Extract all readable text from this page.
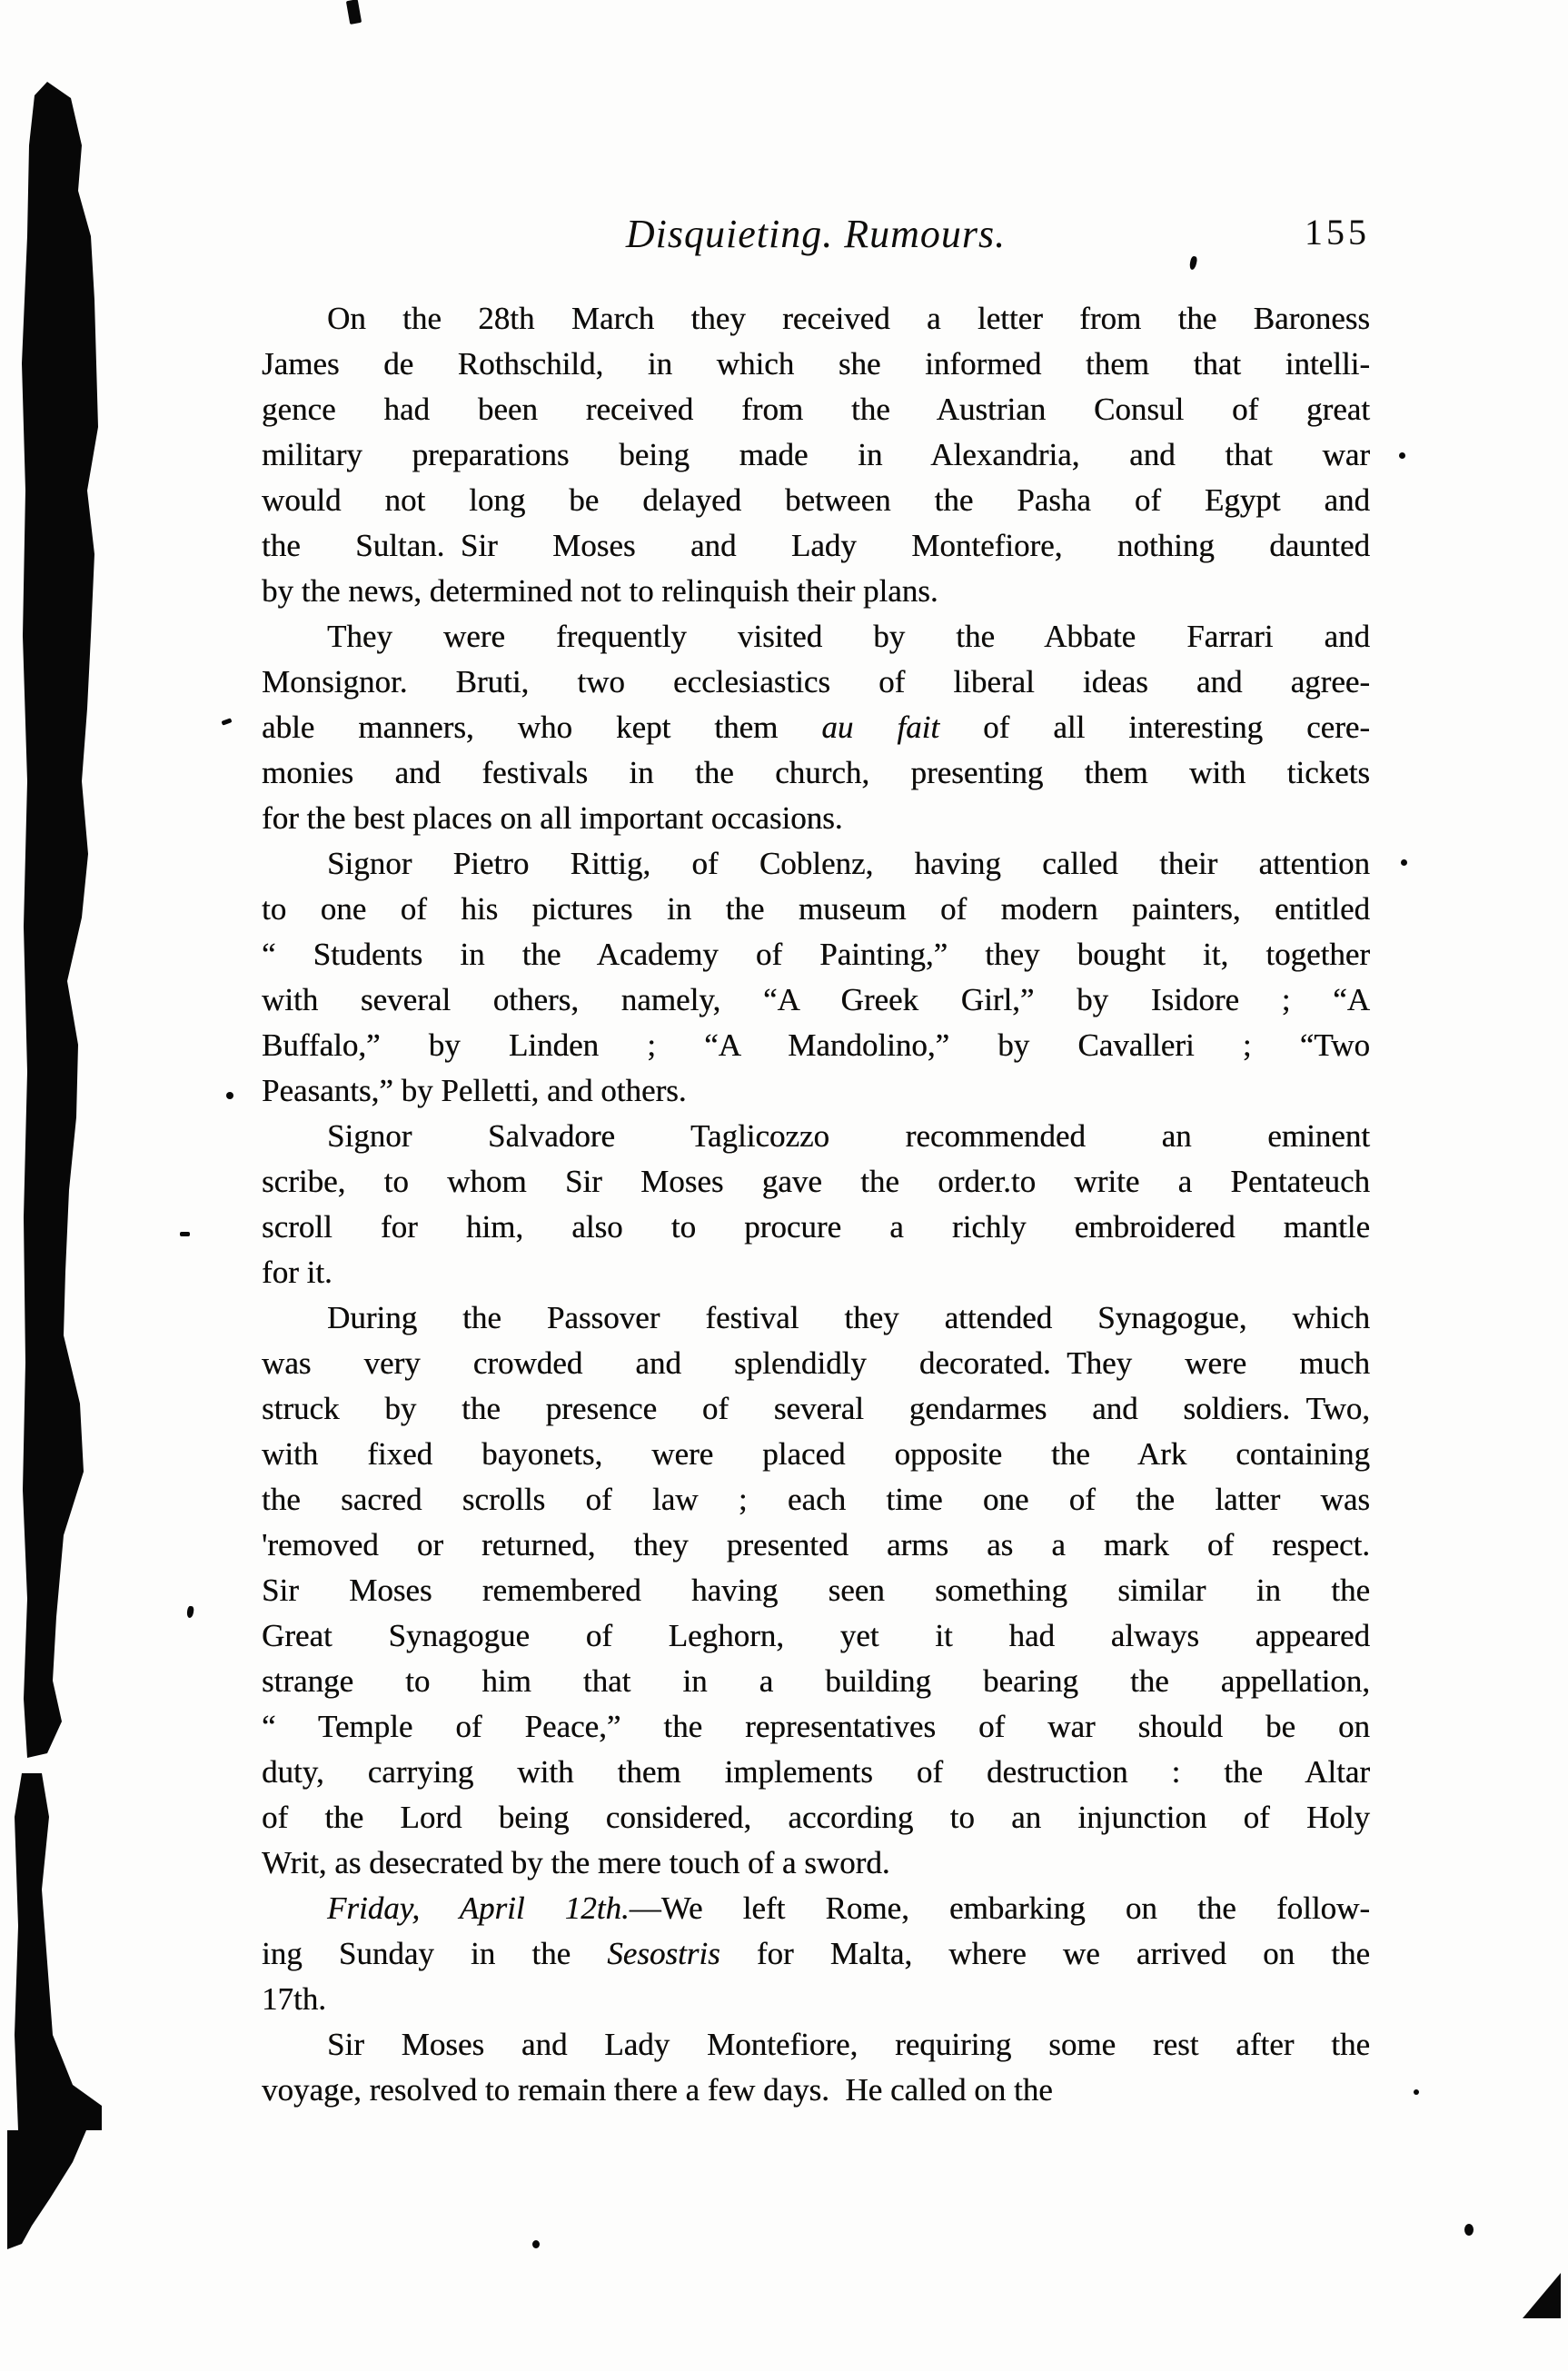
Disquieting. Rumours.	155
On the 28th March they received a letter from the Baroness
James de Rothschild, in which she informed them that intelli-
gence had been received from the Austrian Consul of great
military preparations being made in Alexandria, and that war
would not long be delayed between the Pasha of Egypt and
the Sultan. Sir Moses and Lady Montefiore, nothing daunted
by the news, determined not to relinquish their plans.
They were frequently visited by the Abbate Farrari and
Monsignor. Bruti, two ecclesiastics of liberal ideas and agree-
able manners, who kept them au fait of all interesting cere-
monies and festivals in the church, presenting them with tickets
for the best places on all important occasions.
Signor Pietro Rittig, of Coblenz, having called their attention
to one of his pictures in the museum of modern painters, entitled
“ Students in the Academy of Painting,” they bought it, together
with several others, namely, “A Greek Girl,” by Isidore ; “A
Buffalo,” by Linden ; “A Mandolino,” by Cavalleri ; “Two
Peasants,” by Pelletti, and others.
Signor Salvadore Taglicozzo recommended an eminent
scribe, to whom Sir Moses gave the order.to write a Pentateuch
scroll for him, also to procure a richly embroidered mantle
for it.
During the Passover festival they attended Synagogue, which
was very crowded and splendidly decorated. They were much
struck by the presence of several gendarmes and soldiers. Two,
with fixed bayonets, were placed opposite the Ark containing
the sacred scrolls of law ; each time one of the latter was
'removed or returned, they presented arms as a mark of respect.
Sir Moses remembered having seen something similar in the
Great Synagogue of Leghorn, yet it had always appeared
strange to him that in a building bearing the appellation,
“ Temple of Peace,” the representatives of war should be on
duty, carrying with them implements of destruction : the Altar
of the Lord being considered, according to an injunction of Holy
Writ, as desecrated by the mere touch of a sword.
Friday, April 12th.—We left Rome, embarking on the follow-
ing Sunday in the Sesostris for Malta, where we arrived on the
17th.
Sir Moses and Lady Montefiore, requiring some rest after the
voyage, resolved to remain there a few days. He called on the
